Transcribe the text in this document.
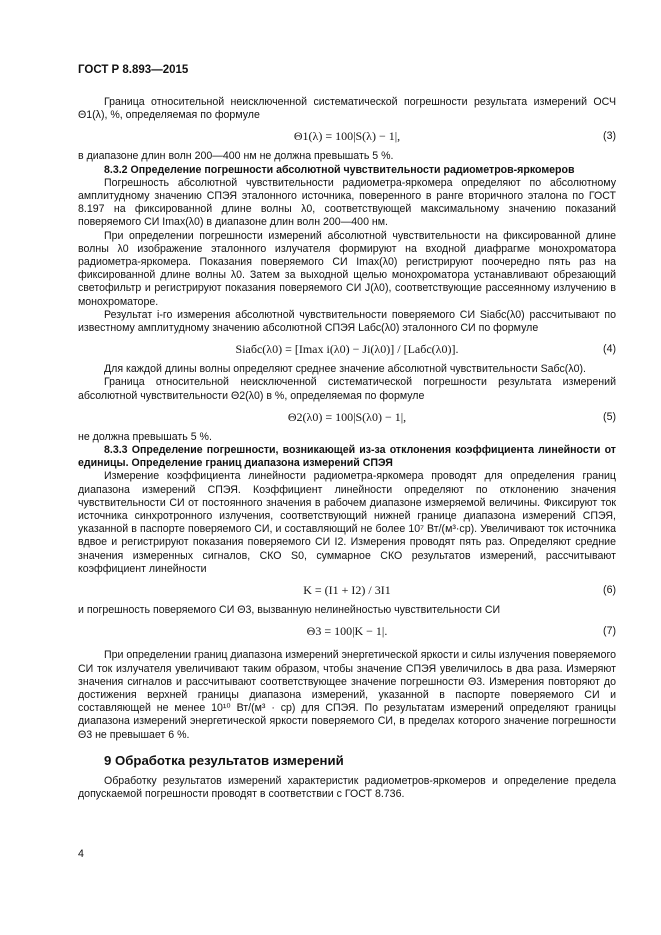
ГОСТ Р 8.893—2015

Граница относительной неисключенной систематической погрешности результата измерений ОСЧ Θ1(λ), %, определяемая по формуле

Θ1(λ) = 100|S(λ) − 1|,	(3)

в диапазоне длин волн 200—400 нм не должна превышать 5 %.

8.3.2 Определение погрешности абсолютной чувствительности радиометров-яркомеров

Погрешность абсолютной чувствительности радиометра-яркомера определяют по абсолютному амплитудному значению СПЭЯ эталонного источника, поверенного в ранге вторичного эталона по ГОСТ 8.197 на фиксированной длине волны λ0, соответствующей максимальному значению показаний поверяемого СИ Imax(λ0) в диапазоне длин волн 200—400 нм.

При определении погрешности измерений абсолютной чувствительности на фиксированной длине волны λ0 изображение эталонного излучателя формируют на входной диафрагме монохроматора радиометра-яркомера. Показания поверяемого СИ Imax(λ0) регистрируют поочередно пять раз на фиксированной длине волны λ0. Затем за выходной щелью монохроматора устанавливают обрезающий светофильтр и регистрируют показания поверяемого СИ J(λ0), соответствующие рассеянному излучению в монохроматоре.

Результат i-го измерения абсолютной чувствительности поверяемого СИ Siабс(λ0) рассчитывают по известному амплитудному значению абсолютной СПЭЯ Lабс(λ0) эталонного СИ по формуле

Siабс(λ0) = [Imax i(λ0) − Ji(λ0)] / [Lабс(λ0)].	(4)

Для каждой длины волны определяют среднее значение абсолютной чувствительности Sабс(λ0).

Граница относительной неисключенной систематической погрешности результата измерений абсолютной чувствительности Θ2(λ0) в %, определяемая по формуле

Θ2(λ0) = 100|S(λ0) − 1|,	(5)

не должна превышать 5 %.

8.3.3 Определение погрешности, возникающей из-за отклонения коэффициента линейности от единицы. Определение границ диапазона измерений СПЭЯ

Измерение коэффициента линейности радиометра-яркомера проводят для определения границ диапазона измерений СПЭЯ. Коэффициент линейности определяют по отклонению значения чувствительности СИ от постоянного значения в рабочем диапазоне измеряемой величины. Фиксируют ток источника синхротронного излучения, соответствующий нижней границе диапазона измерений СПЭЯ, указанной в паспорте поверяемого СИ, и составляющий не более 10⁷ Вт/(м³·ср). Увеличивают ток источника вдвое и регистрируют показания поверяемого СИ I2. Измерения проводят пять раз. Определяют средние значения измеренных сигналов, СКО S0, суммарное СКО результатов измерений, рассчитывают коэффициент линейности

K = (I1 + I2) / 3I1	(6)

и погрешность поверяемого СИ Θ3, вызванную нелинейностью чувствительности СИ

Θ3 = 100|K − 1|.	(7)

При определении границ диапазона измерений энергетической яркости и силы излучения поверяемого СИ ток излучателя увеличивают таким образом, чтобы значение СПЭЯ увеличилось в два раза. Измеряют значения сигналов и рассчитывают соответствующее значение погрешности Θ3. Измерения повторяют до достижения верхней границы диапазона измерений, указанной в паспорте поверяемого СИ и составляющей не менее 10¹⁰ Вт/(м³ · ср) для СПЭЯ. По результатам измерений определяют границы диапазона измерений энергетической яркости поверяемого СИ, в пределах которого значение погрешности Θ3 не превышает 6 %.

9 Обработка результатов измерений

Обработку результатов измерений характеристик радиометров-яркомеров и определение предела допускаемой погрешности проводят в соответствии с ГОСТ 8.736.

4
